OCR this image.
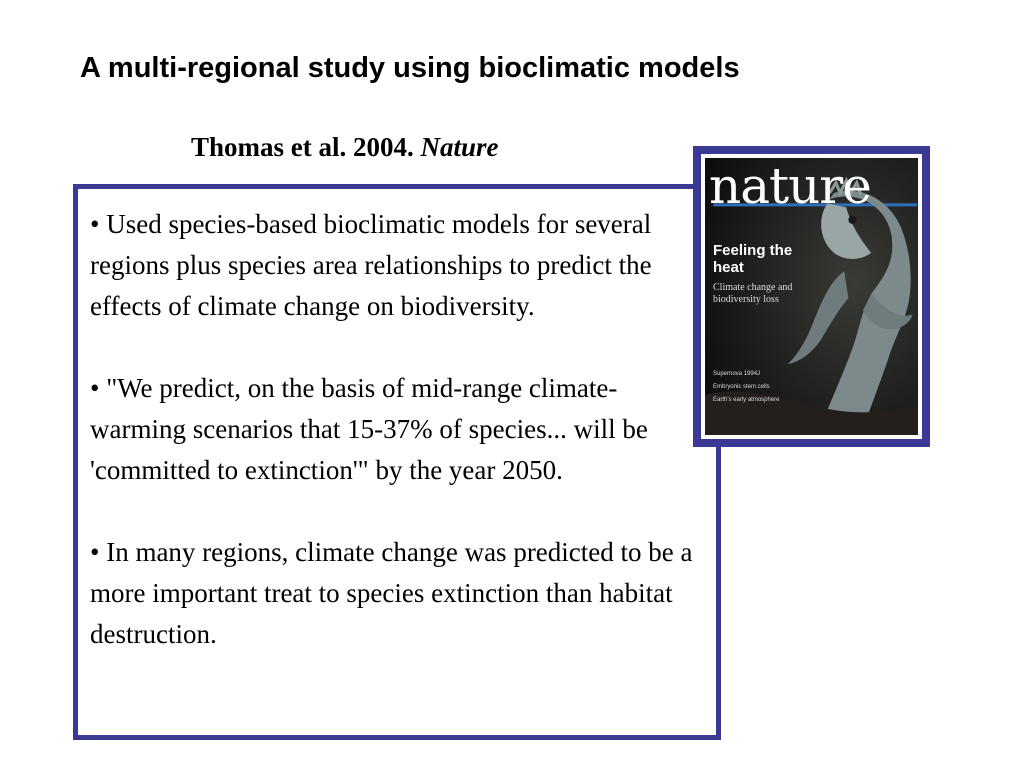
A multi-regional study using bioclimatic models
Thomas et al. 2004. Nature
• Used species-based bioclimatic models for several regions plus species area relationships to predict the effects of climate change on biodiversity.
• "We predict, on the basis of mid-range climate-warming scenarios that 15-37% of species... will be 'committed to extinction'" by the year 2050.
• In many regions, climate change was predicted to be a more important treat to species extinction than habitat destruction.
nature
Feeling the heat
Climate change and biodiversity loss
Supernova 1994J
Embryonic stem cells
Earth's early atmosphere
